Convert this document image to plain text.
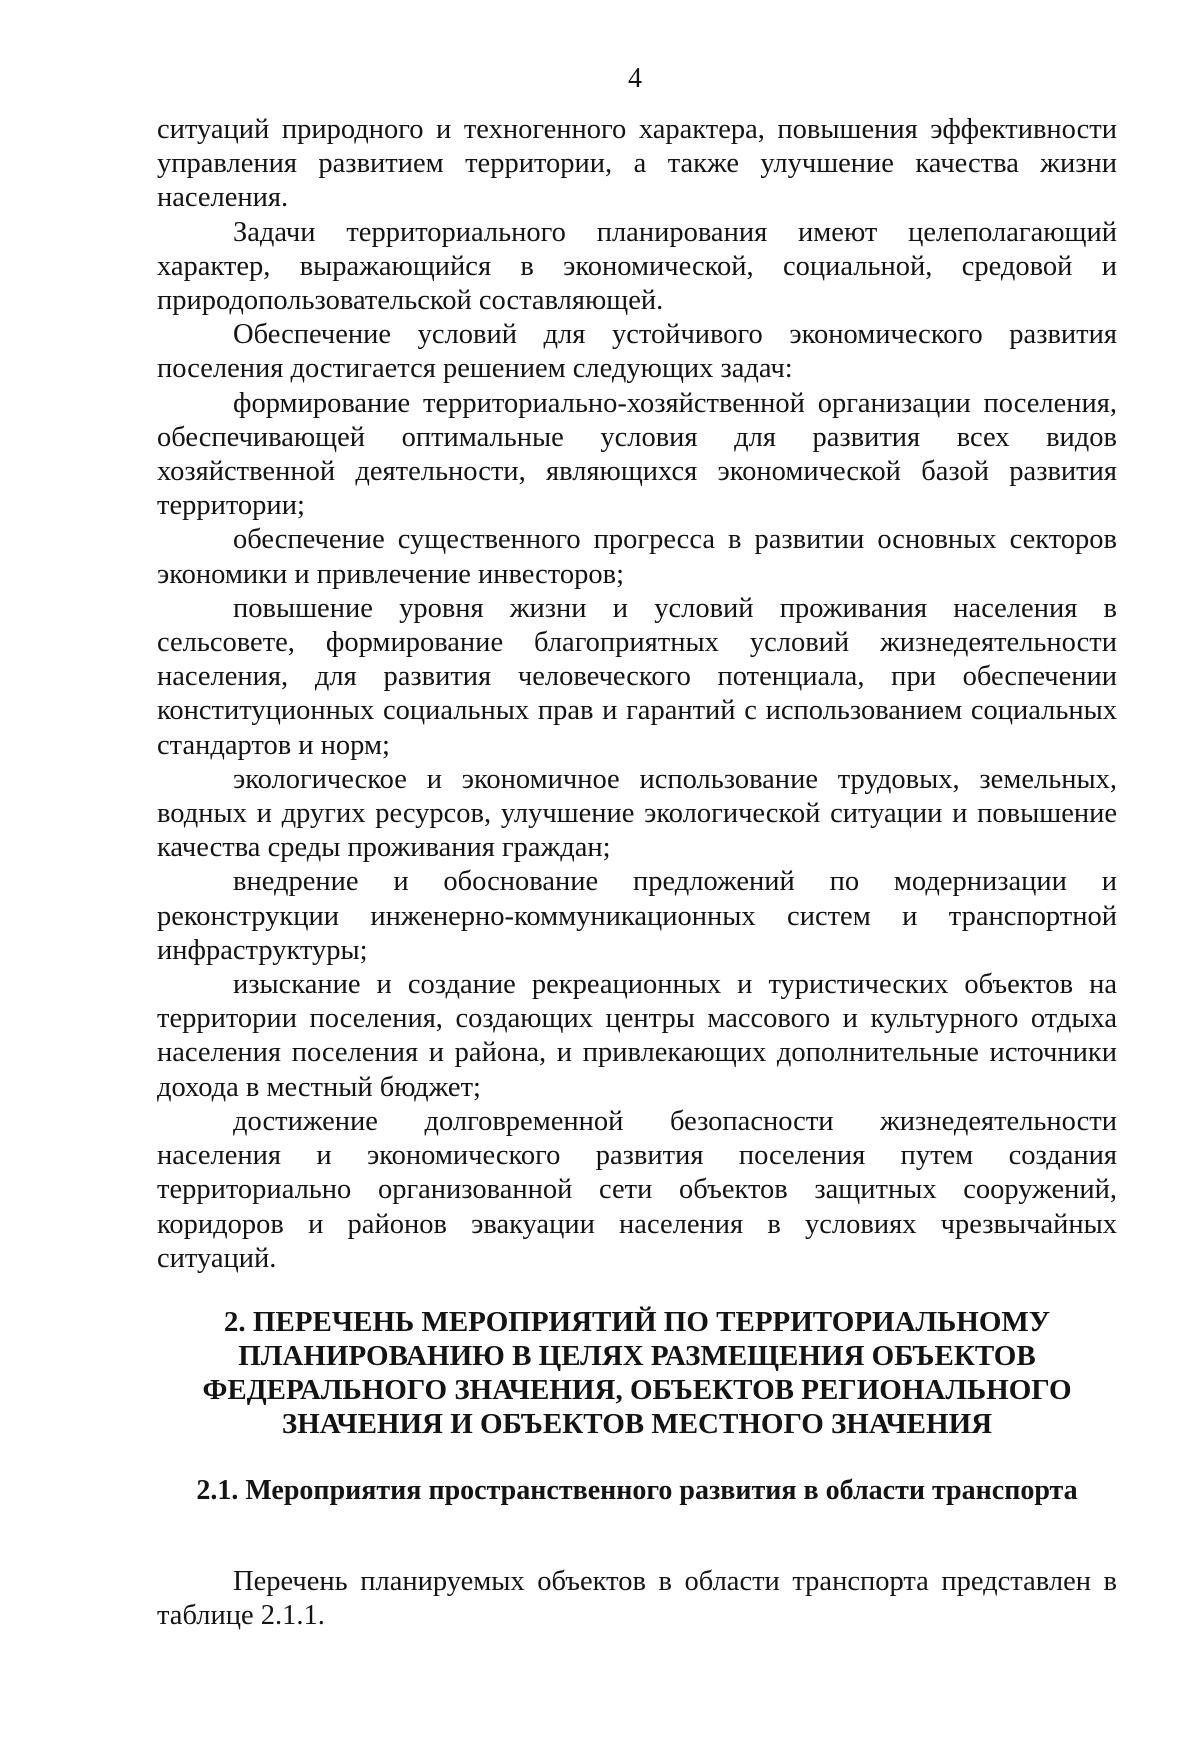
4

ситуаций природного и техногенного характера, повышения эффективности управления развитием территории, а также улучшение качества жизни населения.

Задачи территориального планирования имеют целеполагающий характер, выражающийся в экономической, социальной, средовой и природопользовательской составляющей.

Обеспечение условий для устойчивого экономического развития поселения достигается решением следующих задач:

формирование территориально-хозяйственной организации поселения, обеспечивающей оптимальные условия для развития всех видов хозяйственной деятельности, являющихся экономической базой развития территории;

обеспечение существенного прогресса в развитии основных секторов экономики и привлечение инвесторов;

повышение уровня жизни и условий проживания населения в сельсовете, формирование благоприятных условий жизнедеятельности населения, для развития человеческого потенциала, при обеспечении конституционных социальных прав и гарантий с использованием социальных стандартов и норм;

экологическое и экономичное использование трудовых, земельных, водных и других ресурсов, улучшение экологической ситуации и повышение качества среды проживания граждан;

внедрение и обоснование предложений по модернизации и реконструкции инженерно-коммуникационных систем и транспортной инфраструктуры;

изыскание и создание рекреационных и туристических объектов на территории поселения, создающих центры массового и культурного отдыха населения поселения и района, и привлекающих дополнительные источники дохода в местный бюджет;

достижение долговременной безопасности жизнедеятельности населения и экономического развития поселения путем создания территориально организованной сети объектов защитных сооружений, коридоров и районов эвакуации населения в условиях чрезвычайных ситуаций.

2. ПЕРЕЧЕНЬ МЕРОПРИЯТИЙ ПО ТЕРРИТОРИАЛЬНОМУ ПЛАНИРОВАНИЮ В ЦЕЛЯХ РАЗМЕЩЕНИЯ ОБЪЕКТОВ ФЕДЕРАЛЬНОГО ЗНАЧЕНИЯ, ОБЪЕКТОВ РЕГИОНАЛЬНОГО ЗНАЧЕНИЯ И ОБЪЕКТОВ МЕСТНОГО ЗНАЧЕНИЯ
2.1. Мероприятия пространственного развития в области транспорта

Перечень планируемых объектов в области транспорта представлен в таблице 2.1.1.
